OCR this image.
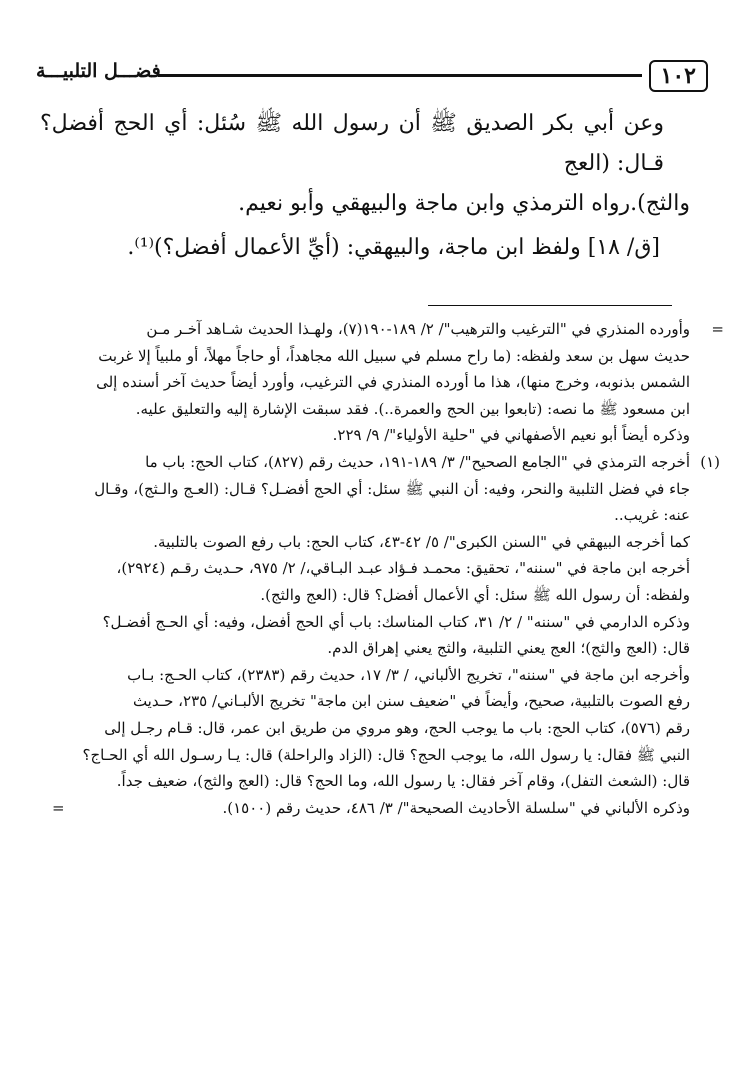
١٠٢
فضـــل التلبيـــة

وعن أبي بكر الصديق ﷺ أن رسول الله ﷺ سُئل: أي الحج أفضل؟ قـال: (العج

والثج).رواه الترمذي وابن ماجة والبيهقي وأبو نعيم.

[ق/ ١٨] ولفظ ابن ماجة، والبيهقي: (أيِّ الأعمال أفضل؟)⁽¹⁾.

=

وأورده المنذري في "الترغيب والترهيب"/ ٢/ ١٨٩-١٩٠(٧)، ولهـذا الحديث شـاهد آخـر مـن

حديث سهل بن سعد ولفظه: (ما راح مسلم في سبيل الله مجاهداً، أو حاجاً مهلاً، أو ملبياً إلا غربت

الشمس بذنوبه، وخرج منها)، هذا ما أورده المنذري في الترغيب، وأورد أيضاً حديث آخر أسنده إلى

ابن مسعود ﷺ ما نصه: (تابعوا بين الحج والعمرة..). فقد سبقت الإشارة إليه والتعليق عليه.

وذكره أيضاً أبو نعيم الأصفهاني في "حلية الأولياء"/ ٩/ ٢٢٩.

(١)

أخرجه الترمذي في "الجامع الصحيح"/ ٣/ ١٨٩-١٩١، حديث رقم (٨٢٧)، كتاب الحج: باب ما

جاء في فضل التلبية والنحر، وفيه: أن النبي ﷺ سئل: أي الحج أفضـل؟ قـال: (العـج والـثج)، وقـال

عنه: غريب..

كما أخرجه البيهقي في "السنن الكبرى"/ ٥/ ٤٢-٤٣، كتاب الحج: باب رفع الصوت بالتلبية.

أخرجه ابن ماجة في "سننه"، تحقيق: محمـد فـؤاد عبـد البـاقي،/ ٢/ ٩٧٥، حـديث رقـم (٢٩٢٤)،

ولفظه: أن رسول الله ﷺ سئل: أي الأعمال أفضل؟ قال: (العج والثج).

وذكره الدارمي في "سننه" / ٢/ ٣١، كتاب المناسك: باب أي الحج أفضل، وفيه: أي الحـج أفضـل؟

قال: (العج والثج)؛ العج يعني التلبية، والثج يعني إهراق الدم.

وأخرجه ابن ماجة في "سننه"، تخريج الألباني، / ٣/ ١٧، حديث رقم (٢٣٨٣)، كتاب الحـج: بـاب

رفع الصوت بالتلبية، صحيح، وأيضاً في "ضعيف سنن ابن ماجة" تخريج الألبـاني/ ٢٣٥، حـديث

رقم (٥٧٦)، كتاب الحج: باب ما يوجب الحج، وهو مروي من طريق ابن عمر، قال: قـام رجـل إلى

النبي ﷺ فقال: يا رسول الله، ما يوجب الحج؟ قال: (الزاد والراحلة) قال: يـا رسـول الله أي الحـاج؟

قال: (الشعث التفل)، وقام آخر فقال: يا رسول الله، وما الحج؟ قال: (العج والثج)، ضعيف جداً.

وذكره الألباني في "سلسلة الأحاديث الصحيحة"/ ٣/ ٤٨٦، حديث رقم (١٥٠٠).

=
